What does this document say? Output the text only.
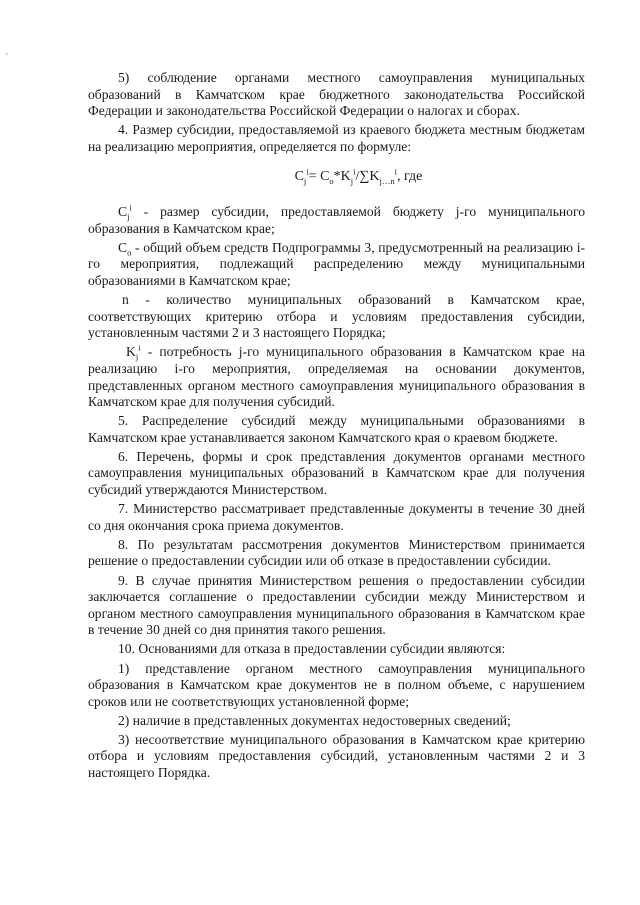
'

5) соблюдение органами местного самоуправления муниципальных образований в Камчатском крае бюджетного законодательства Российской Федерации и законодательства Российской Федерации о налогах и сборах.

4. Размер субсидии, предоставляемой из краевого бюджета местным бюджетам на реализацию мероприятия, определяется по формуле:

$C_j^i= C_o*K_j^i/\sum K_{j\dots n}^i$, где

$C_j^i$ - размер субсидии, предоставляемой бюджету j-го муниципального образования в Камчатском крае;

$C_o$ - общий объем средств Подпрограммы 3, предусмотренный на реализацию i-го мероприятия, подлежащий распределению между муниципальными образованиями в Камчатском крае;

n - количество муниципальных образований в Камчатском крае, соответствующих критерию отбора и условиям предоставления субсидии, установленным частями 2 и 3 настоящего Порядка;

$K_j^i$ - потребность j-го муниципального образования в Камчатском крае на реализацию i-го мероприятия, определяемая на основании документов, представленных органом местного самоуправления муниципального образования в Камчатском крае для получения субсидий.

5. Распределение субсидий между муниципальными образованиями в Камчатском крае устанавливается законом Камчатского края о краевом бюджете.

6. Перечень, формы и срок представления документов органами местного самоуправления муниципальных образований в Камчатском крае для получения субсидий утверждаются Министерством.

7. Министерство рассматривает представленные документы в течение 30 дней со дня окончания срока приема документов.

8. По результатам рассмотрения документов Министерством принимается решение о предоставлении субсидии или об отказе в предоставлении субсидии.

9. В случае принятия Министерством решения о предоставлении субсидии заключается соглашение о предоставлении субсидии между Министерством и органом местного самоуправления муниципального образования в Камчатском крае в течение 30 дней со дня принятия такого решения.

10. Основаниями для отказа в предоставлении субсидии являются:

1) представление органом местного самоуправления муниципального образования в Камчатском крае документов не в полном объеме, с нарушением сроков или не соответствующих установленной форме;

2) наличие в представленных документах недостоверных сведений;

3) несоответствие муниципального образования в Камчатском крае критерию отбора и условиям предоставления субсидий, установленным частями 2 и 3 настоящего Порядка.
